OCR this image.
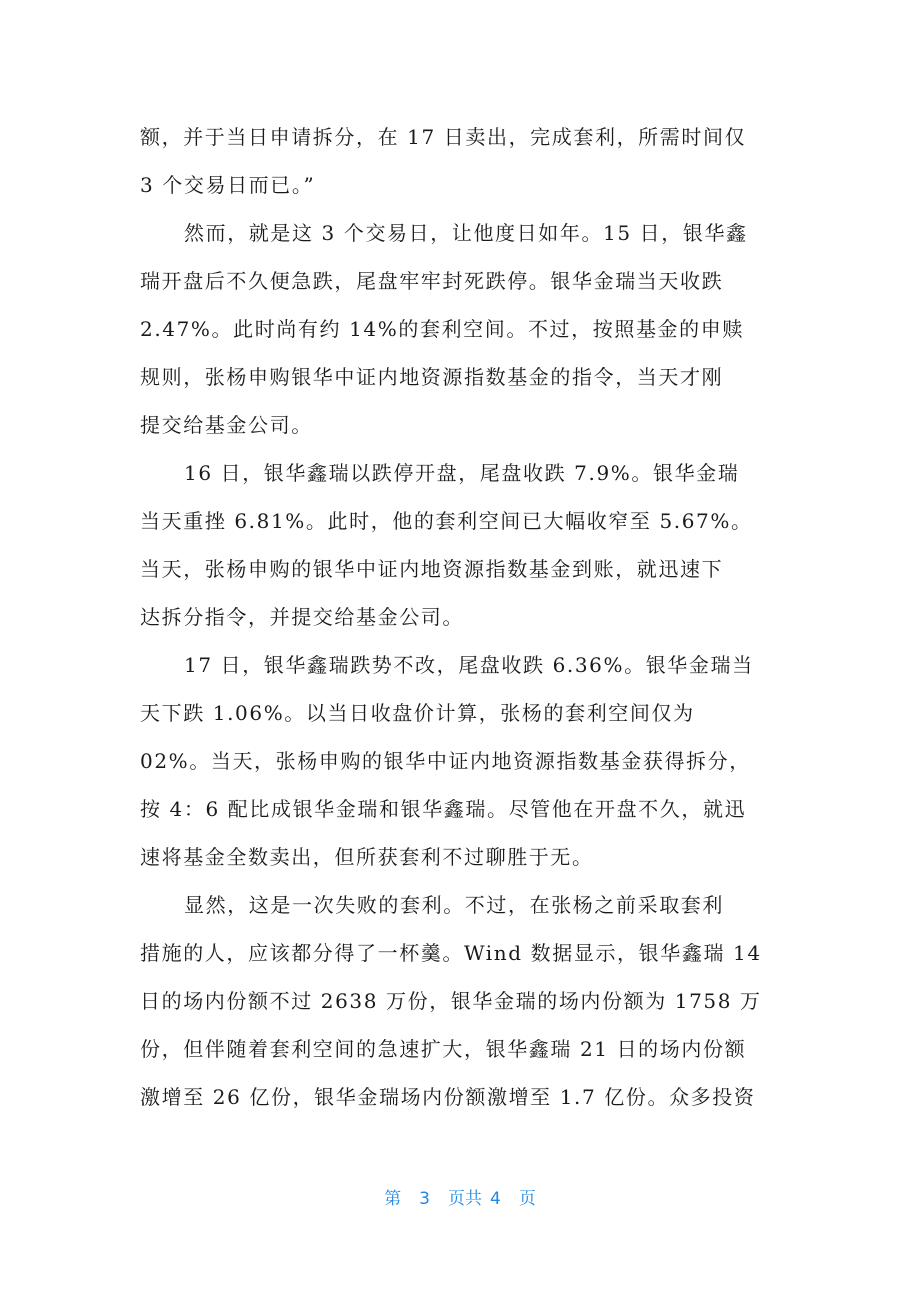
额，并于当日申请拆分，在 17 日卖出，完成套利，所需时间仅
3 个交易日而已。”
然而，就是这 3 个交易日，让他度日如年。15 日，银华鑫
瑞开盘后不久便急跌，尾盘牢牢封死跌停。银华金瑞当天收跌
2.47%。此时尚有约 14%的套利空间。不过，按照基金的申赎
规则，张杨申购银华中证内地资源指数基金的指令，当天才刚
提交给基金公司。
16 日，银华鑫瑞以跌停开盘，尾盘收跌 7.9%。银华金瑞
当天重挫 6.81%。此时，他的套利空间已大幅收窄至 5.67%。
当天，张杨申购的银华中证内地资源指数基金到账，就迅速下
达拆分指令，并提交给基金公司。
17 日，银华鑫瑞跌势不改，尾盘收跌 6.36%。银华金瑞当
天下跌 1.06%。以当日收盘价计算，张杨的套利空间仅为
02%。当天，张杨申购的银华中证内地资源指数基金获得拆分，
按 4：6 配比成银华金瑞和银华鑫瑞。尽管他在开盘不久，就迅
速将基金全数卖出，但所获套利不过聊胜于无。
显然，这是一次失败的套利。不过，在张杨之前采取套利
措施的人，应该都分得了一杯羹。Wind 数据显示，银华鑫瑞 14
日的场内份额不过 2638 万份，银华金瑞的场内份额为 1758 万
份，但伴随着套利空间的急速扩大，银华鑫瑞 21 日的场内份额
激增至 26 亿份，银华金瑞场内份额激增至 1.7 亿份。众多投资
第 3 页共 4 页
